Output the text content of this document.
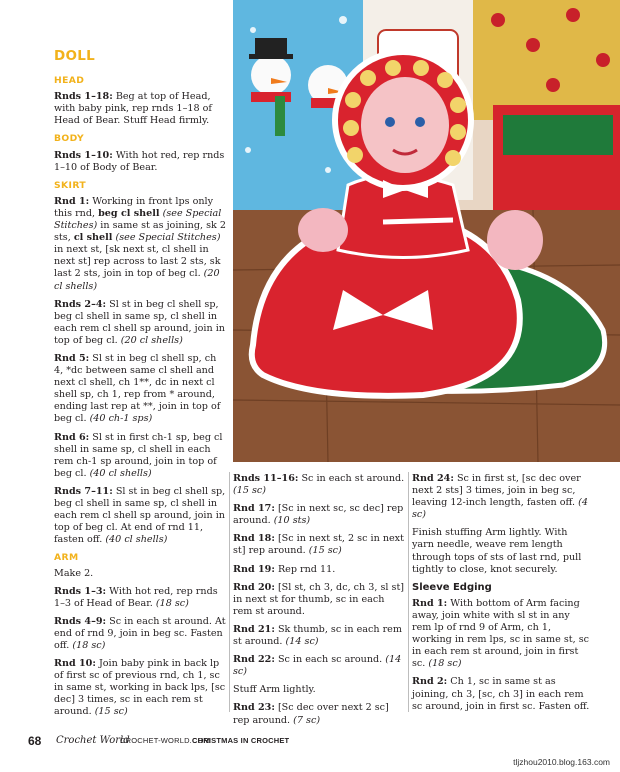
DOLL
HEAD

Rnds 1–18: Beg at top of Head, with baby pink, rep rnds 1–18 of Head of Bear. Stuff Head firmly.

BODY

Rnds 1–10: With hot red, rep rnds 1–10 of Body of Bear.

SKIRT

Rnd 1: Working in front lps only this rnd, beg cl shell (see Special Stitches) in same st as joining, sk 2 sts, cl shell (see Special Stitches) in next st, [sk next st, cl shell in next st] rep across to last 2 sts, sk last 2 sts, join in top of beg cl. (20 cl shells)

Rnds 2–4: Sl st in beg cl shell sp, beg cl shell in same sp, cl shell in each rem cl shell sp around, join in top of beg cl. (20 cl shells)

Rnd 5: Sl st in beg cl shell sp, ch 4, *dc between same cl shell and next cl shell, ch 1**, dc in next cl shell sp, ch 1, rep from * around, ending last rep at **, join in top of beg cl. (40 ch-1 sps)

Rnd 6: Sl st in first ch-1 sp, beg cl shell in same sp, cl shell in each rem ch-1 sp around, join in top of beg cl. (40 cl shells)

Rnds 7–11: Sl st in beg cl shell sp, beg cl shell in same sp, cl shell in each rem cl shell sp around, join in top of beg cl. At end of rnd 11, fasten off. (40 cl shells)

ARM

Make 2.

Rnds 1–3: With hot red, rep rnds 1–3 of Head of Bear. (18 sc)

Rnds 4–9: Sc in each st around. At end of rnd 9, join in beg sc. Fasten off. (18 sc)

Rnd 10: Join baby pink in back lp of first sc of previous rnd, ch 1, sc in same st, working in back lps, [sc dec] 3 times, sc in each rem st around. (15 sc)

Rnds 11–16: Sc in each st around. (15 sc)

Rnd 17: [Sc in next sc, sc dec] rep around. (10 sts)

Rnd 18: [Sc in next st, 2 sc in next st] rep around. (15 sc)

Rnd 19: Rep rnd 11.

Rnd 20: [Sl st, ch 3, dc, ch 3, sl st] in next st for thumb, sc in each rem st around.

Rnd 21: Sk thumb, sc in each rem st around. (14 sc)

Rnd 22: Sc in each sc around. (14 sc)

Stuff Arm lightly.

Rnd 23: [Sc dec over next 2 sc] rep around. (7 sc)

Rnd 24: Sc in first st, [sc dec over next 2 sts] 3 times, join in beg sc, leaving 12-inch length, fasten off. (4 sc)

Finish stuffing Arm lightly. With yarn needle, weave rem length through tops of sts of last rnd, pull tightly to close, knot securely.

Sleeve Edging

Rnd 1: With bottom of Arm facing away, join white with sl st in any rem lp of rnd 9 of Arm, ch 1, working in rem lps, sc in same st, sc in each rem st around, join in first sc. (18 sc)

Rnd 2: Ch 1, sc in same st as joining, ch 3, [sc, ch 3] in each rem sc around, join in first sc. Fasten off.

68 Crochet World
CROCHET-WORLD.COM
CHRISTMAS IN CROCHET
tljzhou2010.blog.163.com
